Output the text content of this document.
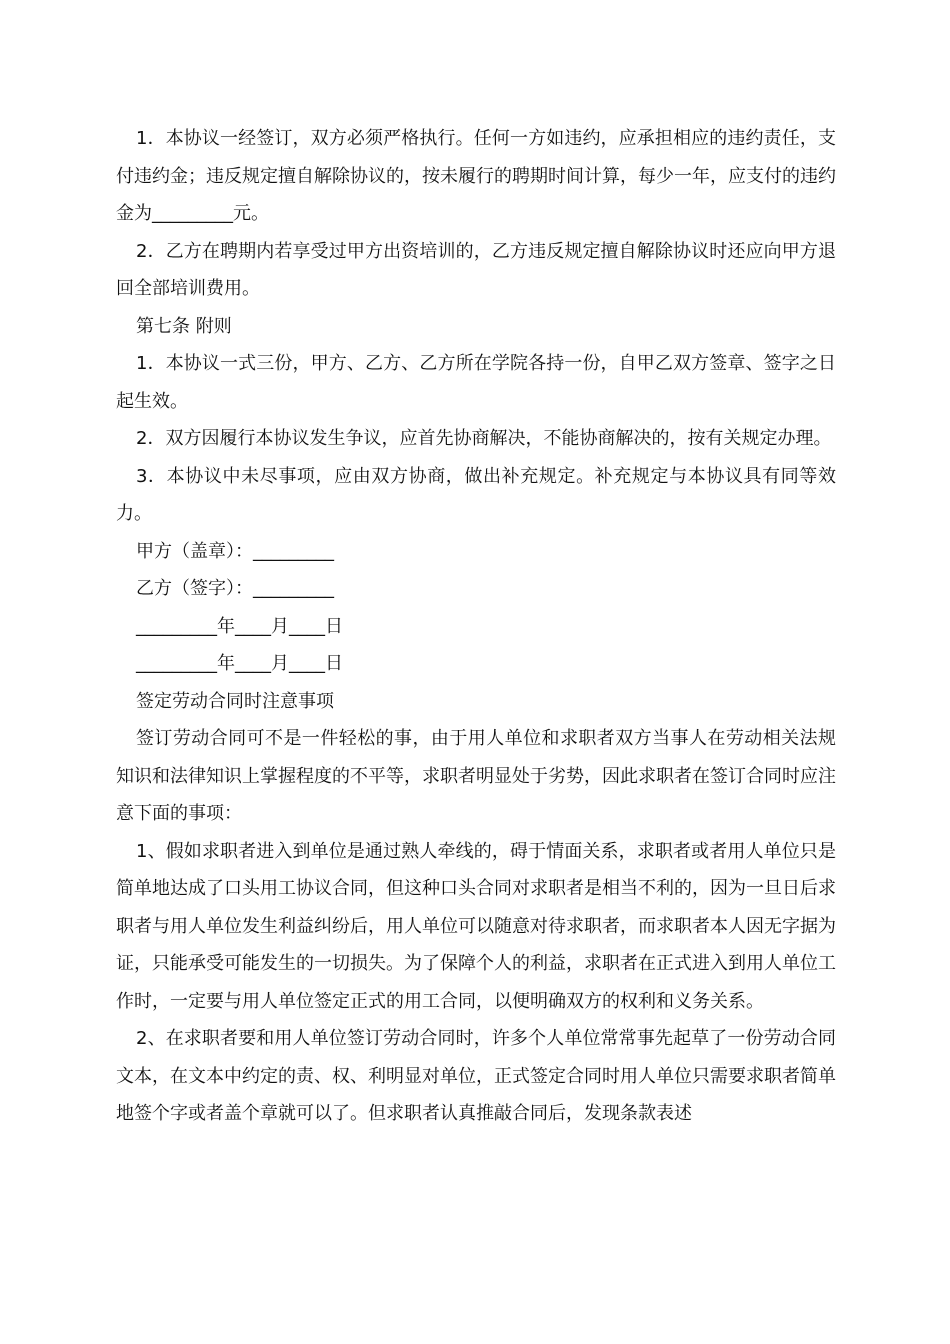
1．本协议一经签订，双方必须严格执行。任何一方如违约，应承担相应的违约责任，支付违约金；违反规定擅自解除协议的，按未履行的聘期时间计算，每少一年，应支付的违约金为_________元。

2．乙方在聘期内若享受过甲方出资培训的，乙方违反规定擅自解除协议时还应向甲方退回全部培训费用。

第七条 附则

1．本协议一式三份，甲方、乙方、乙方所在学院各持一份，自甲乙双方签章、签字之日起生效。

2．双方因履行本协议发生争议，应首先协商解决，不能协商解决的，按有关规定办理。

3．本协议中未尽事项，应由双方协商，做出补充规定。补充规定与本协议具有同等效力。

甲方（盖章）：_________

乙方（签字）：_________

_________年____月____日

_________年____月____日

签定劳动合同时注意事项

签订劳动合同可不是一件轻松的事，由于用人单位和求职者双方当事人在劳动相关法规知识和法律知识上掌握程度的不平等，求职者明显处于劣势，因此求职者在签订合同时应注意下面的事项：

1、假如求职者进入到单位是通过熟人牵线的，碍于情面关系，求职者或者用人单位只是简单地达成了口头用工协议合同，但这种口头合同对求职者是相当不利的，因为一旦日后求职者与用人单位发生利益纠纷后，用人单位可以随意对待求职者，而求职者本人因无字据为证，只能承受可能发生的一切损失。为了保障个人的利益，求职者在正式进入到用人单位工作时，一定要与用人单位签定正式的用工合同，以便明确双方的权利和义务关系。

2、在求职者要和用人单位签订劳动合同时，许多个人单位常常事先起草了一份劳动合同文本，在文本中约定的责、权、利明显对单位，正式签定合同时用人单位只需要求职者简单地签个字或者盖个章就可以了。但求职者认真推敲合同后，发现条款表述
